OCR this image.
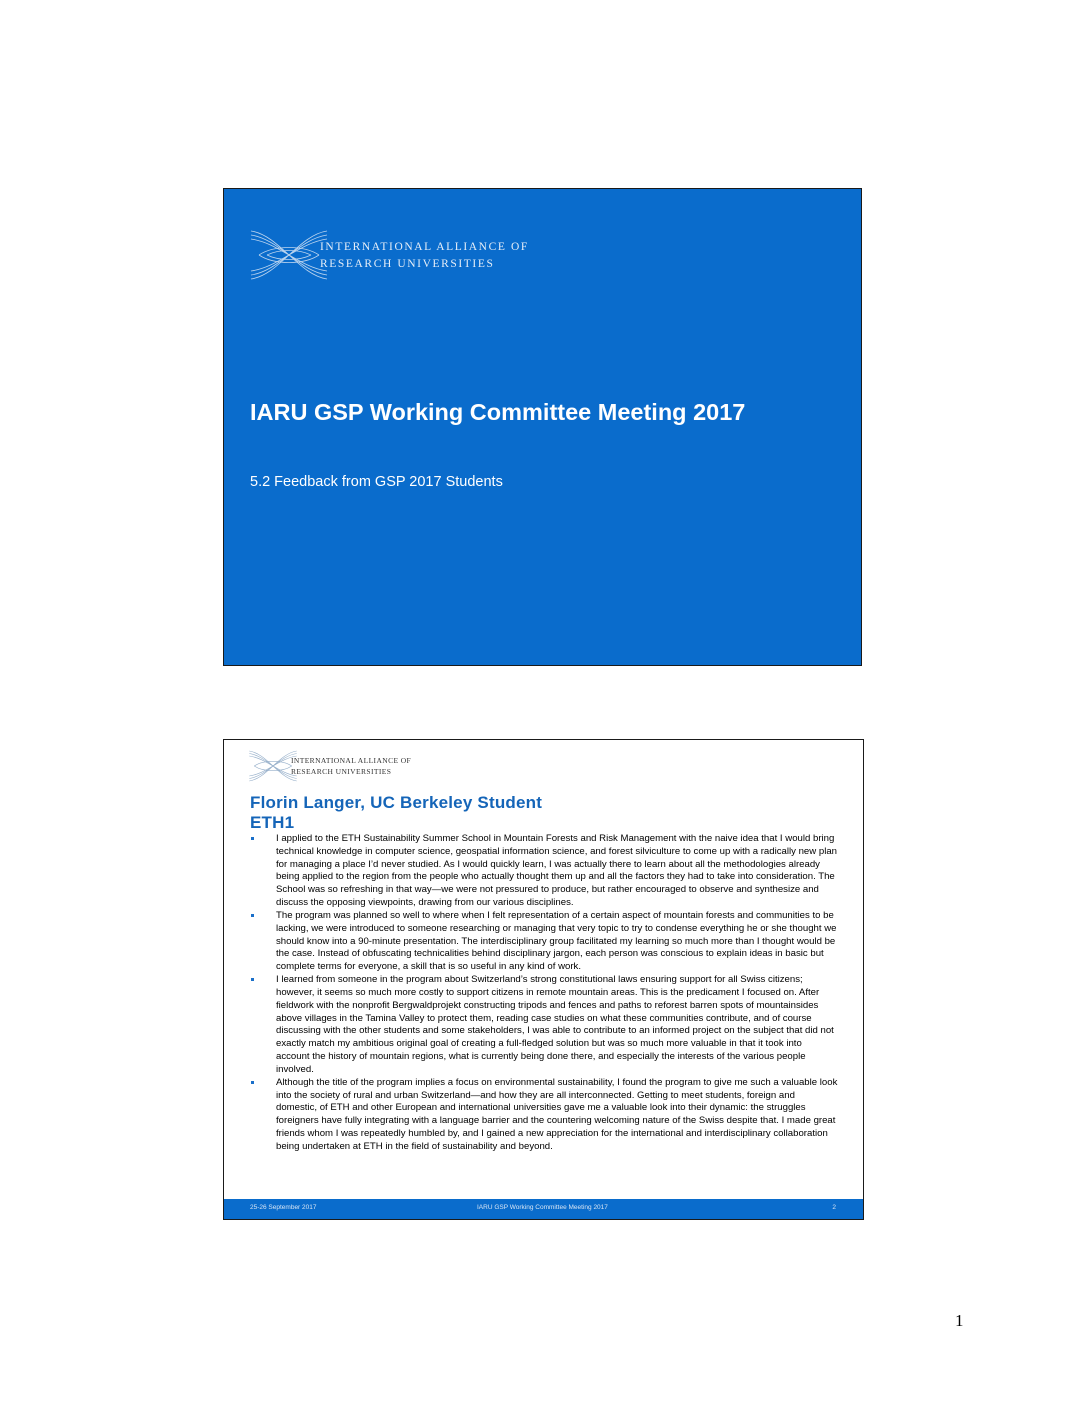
INTERNATIONAL ALLIANCE OF
RESEARCH UNIVERSITIES
IARU GSP Working Committee Meeting 2017
5.2 Feedback from GSP 2017 Students
INTERNATIONAL ALLIANCE OF
RESEARCH UNIVERSITIES
Florin Langer, UC Berkeley Student
ETH1
I applied to the ETH Sustainability Summer School in Mountain Forests and Risk Management with the naive idea that I would bring technical knowledge in computer science, geospatial information science, and forest silviculture to come up with a radically new plan for managing a place I’d never studied. As I would quickly learn, I was actually there to learn about all the methodologies already being applied to the region from the people who actually thought them up and all the factors they had to take into consideration. The School was so refreshing in that way—we were not pressured to produce, but rather encouraged to observe and synthesize and discuss the opposing viewpoints, drawing from our various disciplines.
The program was planned so well to where when I felt representation of a certain aspect of mountain forests and communities to be lacking, we were introduced to someone researching or managing that very topic to try to condense everything he or she thought we should know into a 90-minute presentation. The interdisciplinary group facilitated my learning so much more than I thought would be the case. Instead of obfuscating technicalities behind disciplinary jargon, each person was conscious to explain ideas in basic but complete terms for everyone, a skill that is so useful in any kind of work.
I learned from someone in the program about Switzerland’s strong constitutional laws ensuring support for all Swiss citizens; however, it seems so much more costly to support citizens in remote mountain areas. This is the predicament I focused on. After fieldwork with the nonprofit Bergwaldprojekt constructing tripods and fences and paths to reforest barren spots of mountainsides above villages in the Tamina Valley to protect them, reading case studies on what these communities contribute, and of course discussing with the other students and some stakeholders, I was able to contribute to an informed project on the subject that did not exactly match my ambitious original goal of creating a full-fledged solution but was so much more valuable in that it took into account the history of mountain regions, what is currently being done there, and especially the interests of the various people involved.
Although the title of the program implies a focus on environmental sustainability, I found the program to give me such a valuable look into the society of rural and urban Switzerland—and how they are all interconnected. Getting to meet students, foreign and domestic, of ETH and other European and international universities gave me a valuable look into their dynamic: the struggles foreigners have fully integrating with a language barrier and the countering welcoming nature of the Swiss despite that. I made great friends whom I was repeatedly humbled by, and I gained a new appreciation for the international and interdisciplinary collaboration being undertaken at ETH in the field of sustainability and beyond.
25-26 September 2017	IARU GSP Working Committee Meeting 2017	2
1
